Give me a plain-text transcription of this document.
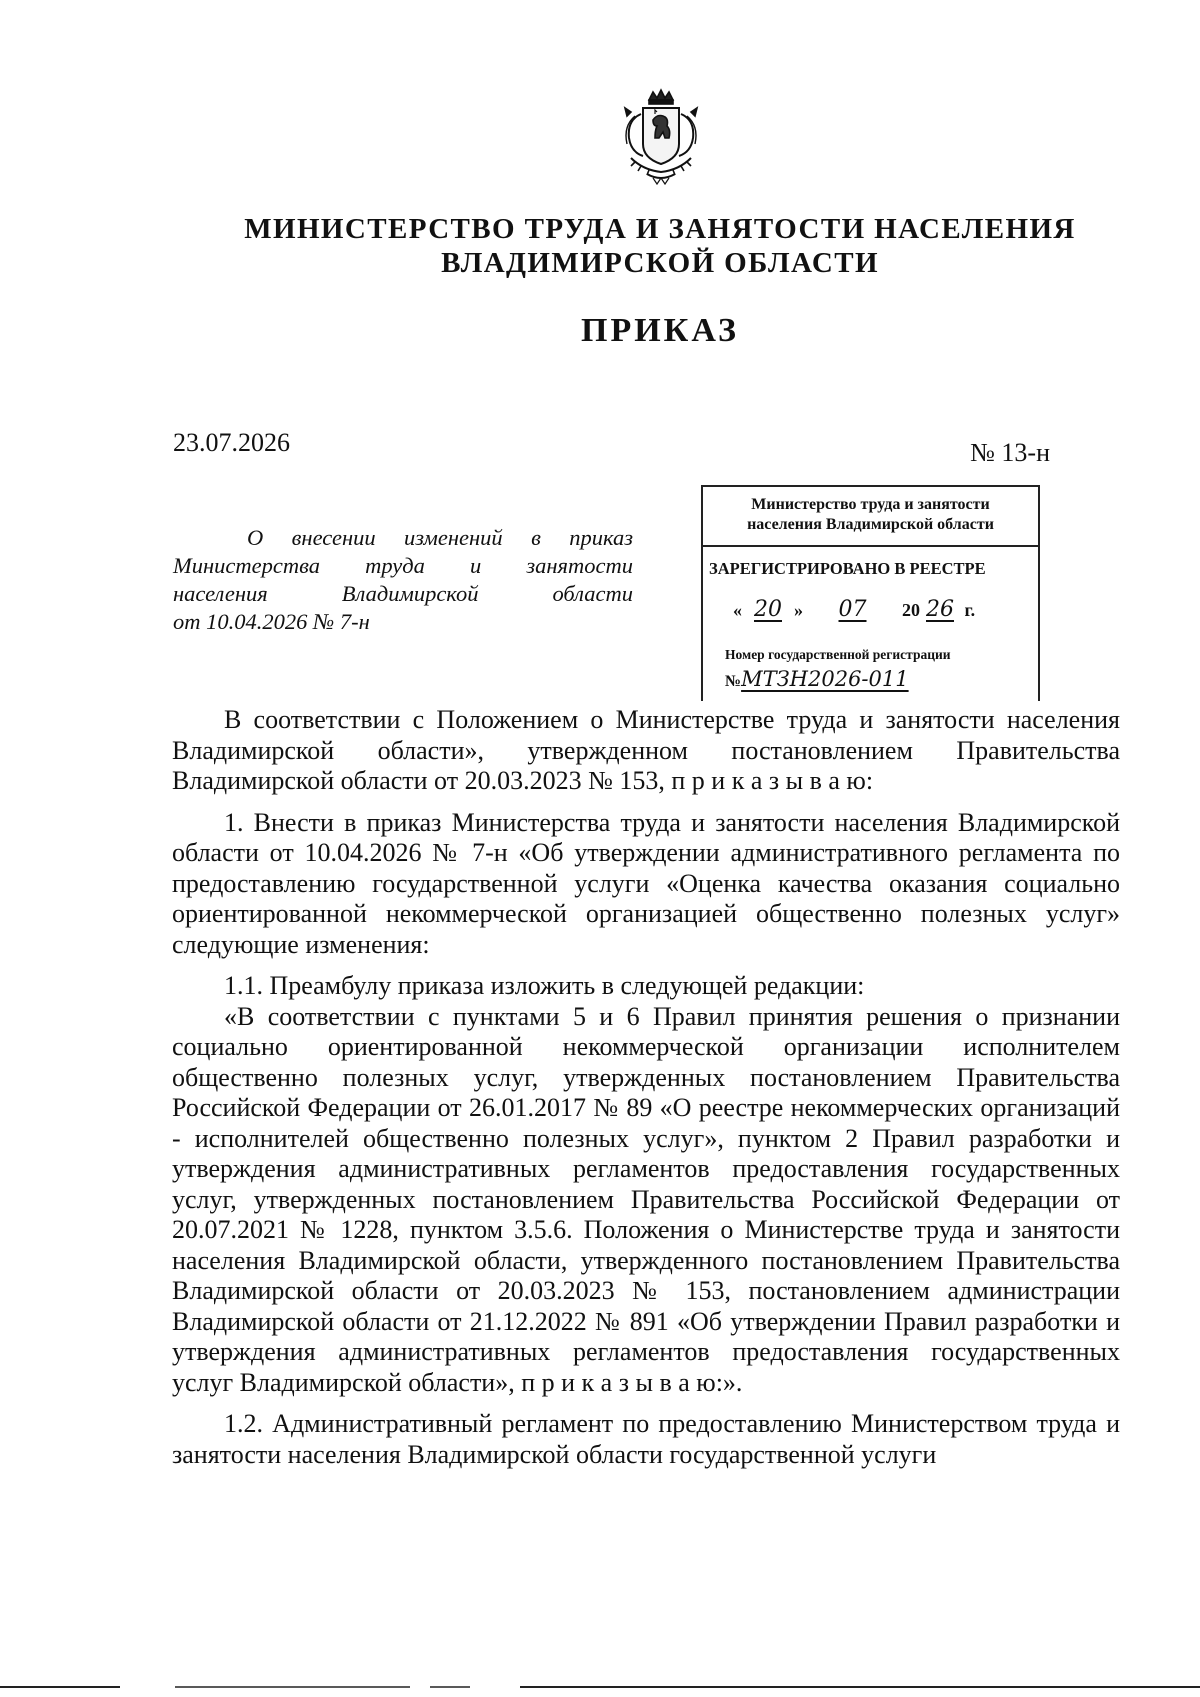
МИНИСТЕРСТВО ТРУДА И ЗАНЯТОСТИ НАСЕЛЕНИЯ
ВЛАДИМИРСКОЙ ОБЛАСТИ
ПРИКАЗ
23.07.2026	№ 13-н
О внесении изменений в приказ
Министерства труда и занятости
населения	Владимирской	области
от 10.04.2026 № 7-н
Министерство труда и занятости
населения Владимирской области
ЗАРЕГИСТРИРОВАНО В РЕЕСТРЕ
« 20 » 07 20 26 г.
Номер государственной регистрации
№МТЗН2026-011

В соответствии с Положением о Министерстве труда и занятости населения Владимирской области», утвержденном постановлением Правительства Владимирской области от 20.03.2023 № 153, п р и к а з ы в а ю:

1. Внести в приказ Министерства труда и занятости населения Владимирской области от 10.04.2026 № 7-н «Об утверждении административного регламента по предоставлению государственной услуги «Оценка качества оказания социально ориентированной некоммерческой организацией общественно полезных услуг» следующие изменения:

1.1. Преамбулу приказа изложить в следующей редакции:

«В соответствии с пунктами 5 и 6 Правил принятия решения о признании социально ориентированной некоммерческой организации исполнителем общественно полезных услуг, утвержденных постановлением Правительства Российской Федерации от 26.01.2017 № 89 «О реестре некоммерческих организаций - исполнителей общественно полезных услуг», пунктом 2 Правил разработки и утверждения административных регламентов предоставления государственных услуг, утвержденных постановлением Правительства Российской Федерации от 20.07.2021 № 1228, пунктом 3.5.6. Положения о Министерстве труда и занятости населения Владимирской области, утвержденного постановлением Правительства Владимирской области от 20.03.2023 № 153, постановлением администрации Владимирской области от 21.12.2022 № 891 «Об утверждении Правил разработки и утверждения административных регламентов предоставления государственных услуг Владимирской области», п р и к а з ы в а ю:».

1.2. Административный регламент по предоставлению Министерством труда и занятости населения Владимирской области государственной услуги
